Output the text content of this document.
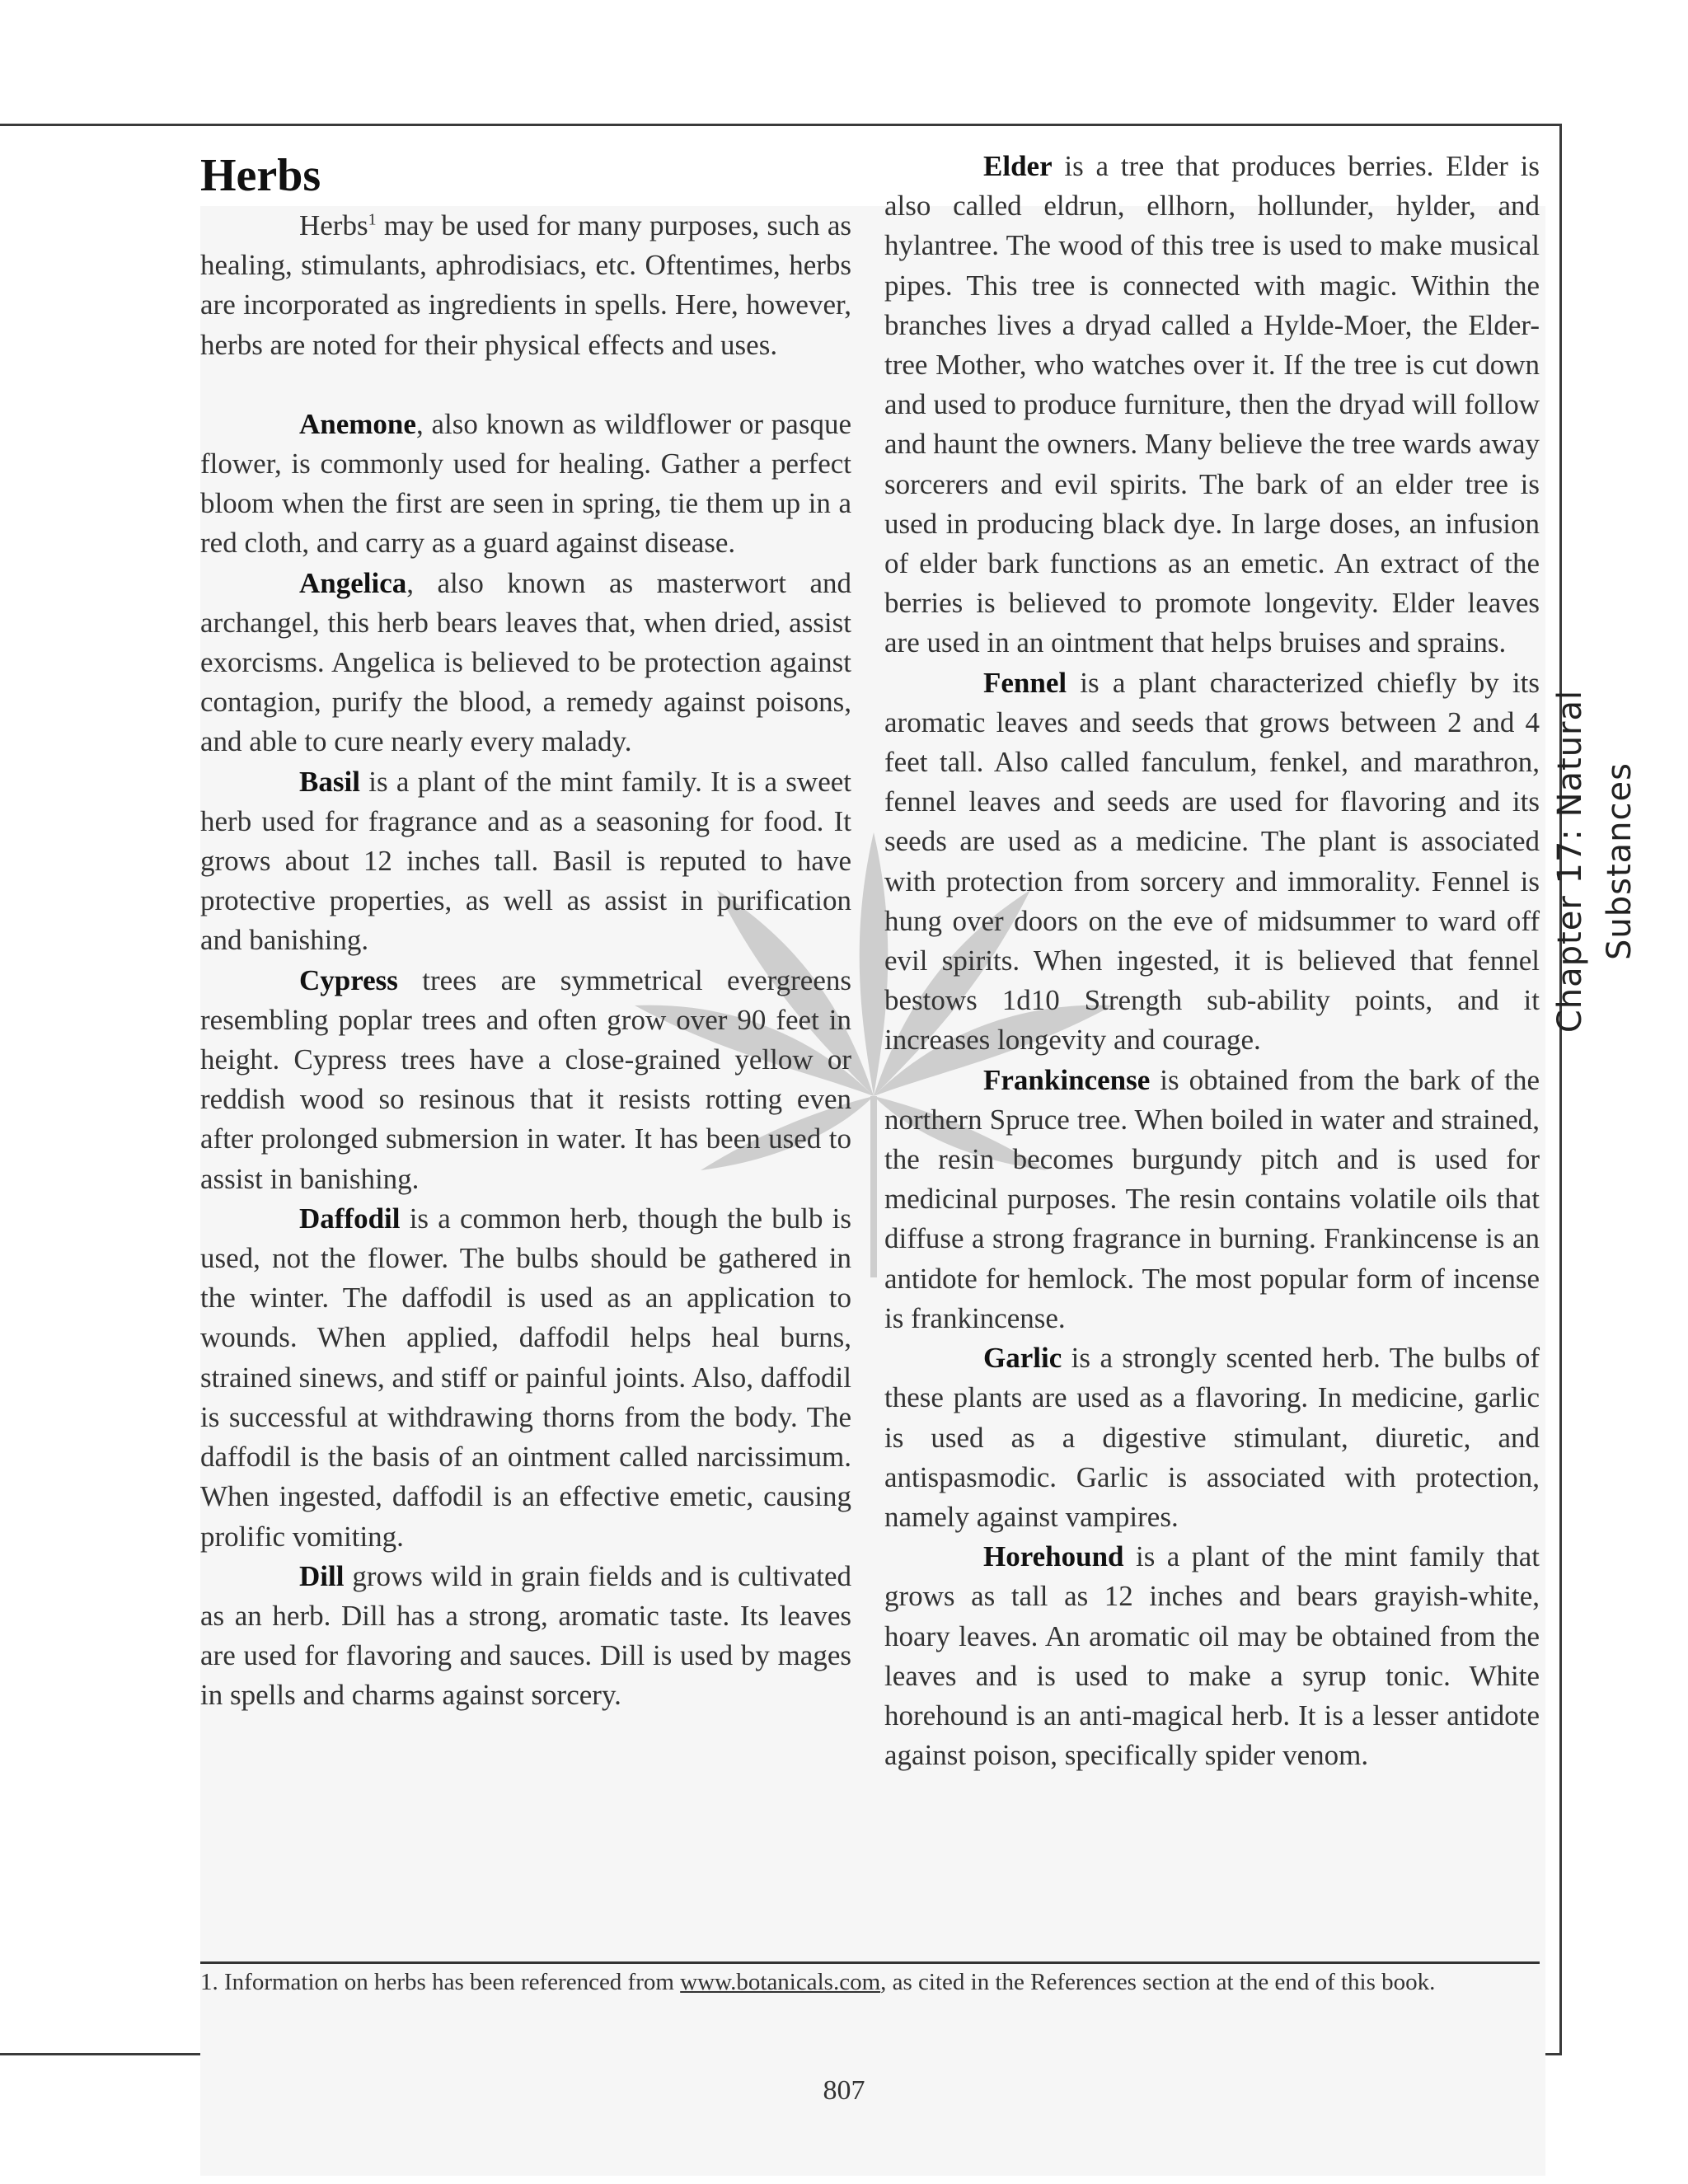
Herbs

Herbs$^1$ may be used for many purposes, such as healing, stimulants, aphrodisiacs, etc. Oftentimes, herbs are incorporated as ingredients in spells. Here, however, herbs are noted for their physical effects and uses.

Anemone, also known as wildflower or pasque flower, is commonly used for healing. Gather a perfect bloom when the first are seen in spring, tie them up in a red cloth, and carry as a guard against disease.

Angelica, also known as masterwort and archangel, this herb bears leaves that, when dried, assist exorcisms. Angelica is believed to be protection against contagion, purify the blood, a remedy against poisons, and able to cure nearly every malady.

Basil is a plant of the mint family. It is a sweet herb used for fragrance and as a seasoning for food. It grows about 12 inches tall. Basil is reputed to have protective properties, as well as assist in purification and banishing.

Cypress trees are symmetrical evergreens resembling poplar trees and often grow over 90 feet in height. Cypress trees have a close-grained yellow or reddish wood so resinous that it resists rotting even after prolonged submersion in water. It has been used to assist in banishing.

Daffodil is a common herb, though the bulb is used, not the flower. The bulbs should be gathered in the winter. The daffodil is used as an application to wounds. When applied, daffodil helps heal burns, strained sinews, and stiff or painful joints. Also, daffodil is successful at withdrawing thorns from the body. The daffodil is the basis of an ointment called narcissimum. When ingested, daffodil is an effective emetic, causing prolific vomiting.

Dill grows wild in grain fields and is cultivated as an herb. Dill has a strong, aromatic taste. Its leaves are used for flavoring and sauces. Dill is used by mages in spells and charms against sorcery.

Elder is a tree that produces berries. Elder is also called eldrun, ellhorn, hollunder, hylder, and hylantree. The wood of this tree is used to make musical pipes. This tree is connected with magic. Within the branches lives a dryad called a Hylde-Moer, the Elder-tree Mother, who watches over it. If the tree is cut down and used to produce furniture, then the dryad will follow and haunt the owners. Many believe the tree wards away sorcerers and evil spirits. The bark of an elder tree is used in producing black dye. In large doses, an infusion of elder bark functions as an emetic. An extract of the berries is believed to promote longevity. Elder leaves are used in an ointment that helps bruises and sprains.

Fennel is a plant characterized chiefly by its aromatic leaves and seeds that grows between 2 and 4 feet tall. Also called fanculum, fenkel, and marathron, fennel leaves and seeds are used for flavoring and its seeds are used as a medicine. The plant is associated with protection from sorcery and immorality. Fennel is hung over doors on the eve of midsummer to ward off evil spirits. When ingested, it is believed that fennel bestows 1d10 Strength sub-ability points, and it increases longevity and courage.

Frankincense is obtained from the bark of the northern Spruce tree. When boiled in water and strained, the resin becomes burgundy pitch and is used for medicinal purposes. The resin contains volatile oils that diffuse a strong fragrance in burning. Frankincense is an antidote for hemlock. The most popular form of incense is frankincense.

Garlic is a strongly scented herb. The bulbs of these plants are used as a flavoring. In medicine, garlic is used as a digestive stimulant, diuretic, and antispasmodic. Garlic is associated with protection, namely against vampires.

Horehound is a plant of the mint family that grows as tall as 12 inches and bears grayish-white, hoary leaves. An aromatic oil may be obtained from the leaves and is used to make a syrup tonic. White horehound is an anti-magical herb. It is a lesser antidote against poison, specifically spider venom.

Chapter 17: Natural Substances
1. Information on herbs has been referenced from www.botanicals.com, as cited in the References section at the end of this book.
807
